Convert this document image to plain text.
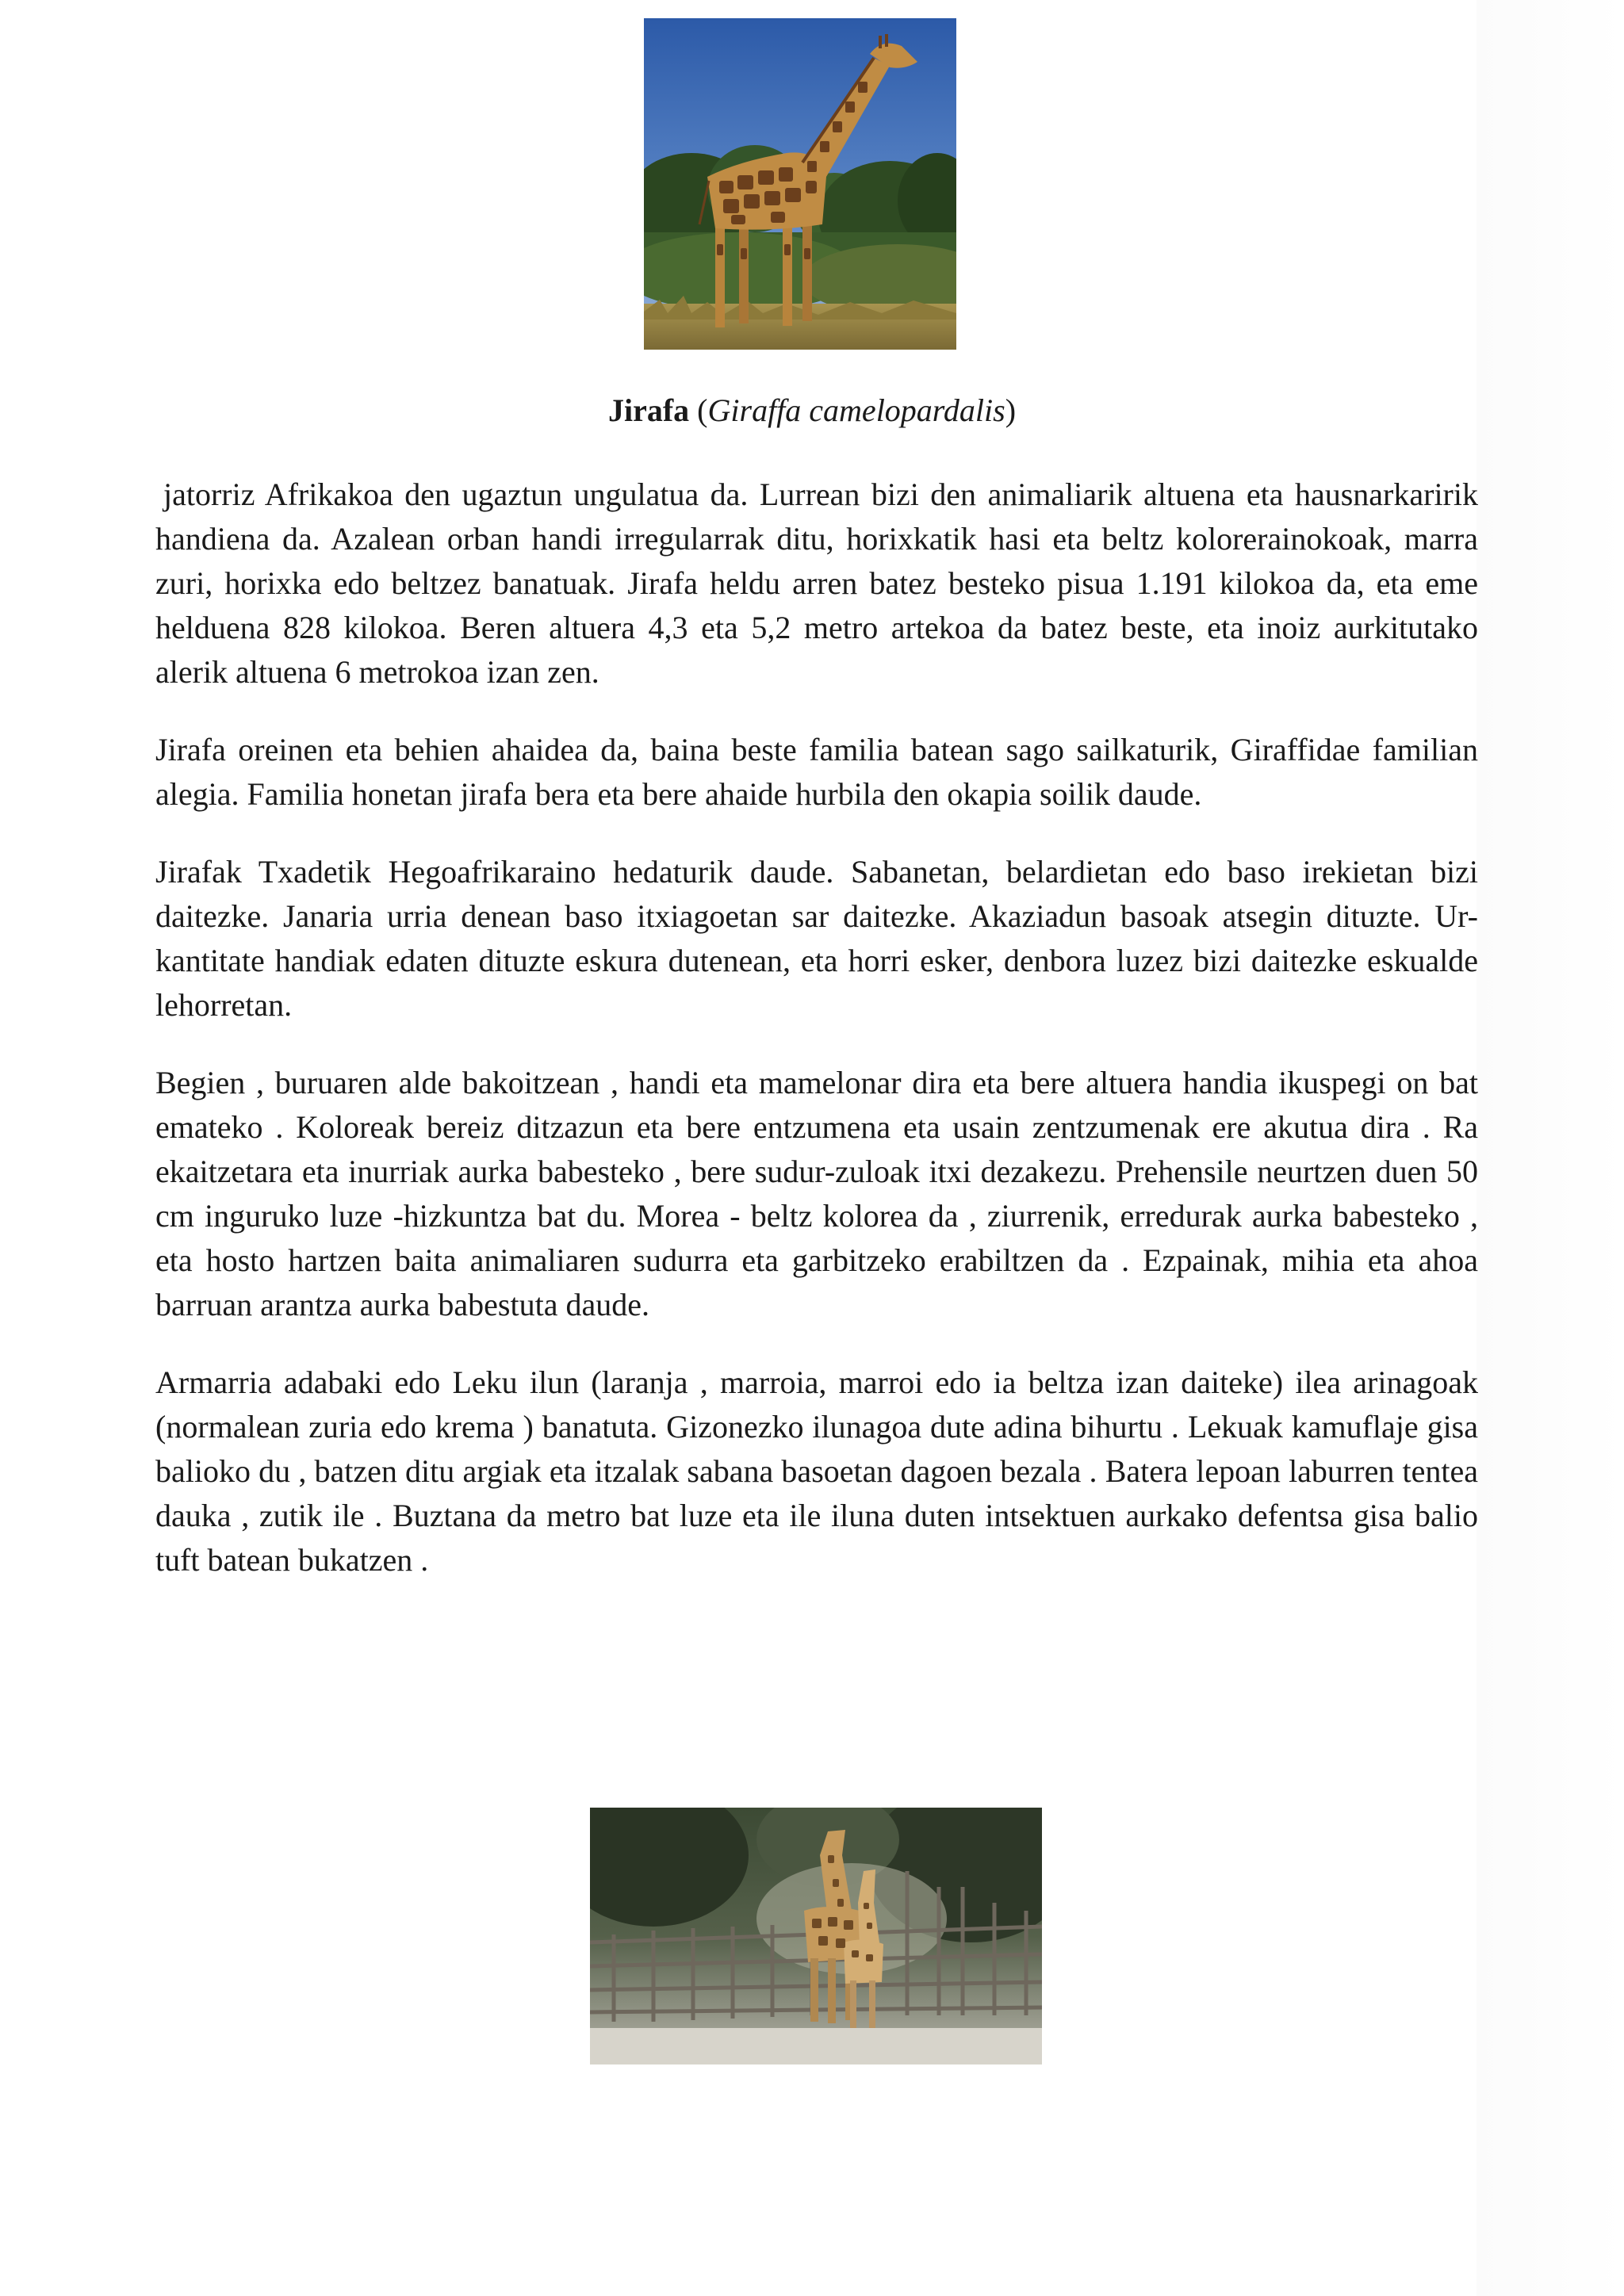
Jirafa (Giraffa camelopardalis)

jatorriz Afrikakoa den ugaztun ungulatua da. Lurrean bizi den animaliarik altuena eta hausnarkaririk handiena da. Azalean orban handi irregularrak ditu, horixkatik hasi eta beltz kolorerainokoak, marra zuri, horixka edo beltzez banatuak. Jirafa heldu arren batez besteko pisua 1.191 kilokoa da, eta eme helduena 828 kilokoa. Beren altuera 4,3 eta 5,2 metro artekoa da batez beste, eta inoiz aurkitutako alerik altuena 6 metrokoa izan zen.

Jirafa oreinen eta behien ahaidea da, baina beste familia batean sago sailkaturik, Giraffidae familian alegia. Familia honetan jirafa bera eta bere ahaide hurbila den okapia soilik daude.

Jirafak Txadetik Hegoafrikaraino hedaturik daude. Sabanetan, belardietan edo baso irekietan bizi daitezke. Janaria urria denean baso itxiagoetan sar daitezke. Akaziadun basoak atsegin dituzte. Ur-kantitate handiak edaten dituzte eskura dutenean, eta horri esker, denbora luzez bizi daitezke eskualde lehorretan.

Begien , buruaren alde bakoitzean , handi eta mamelonar dira eta bere altuera handia ikuspegi on bat emateko . Koloreak bereiz ditzazun eta bere entzumena eta usain zentzumenak ere akutua dira . Ra ekaitzetara eta inurriak aurka babesteko , bere sudur-zuloak itxi dezakezu. Prehensile neurtzen duen 50 cm inguruko luze -hizkuntza bat du. Morea - beltz kolorea da , ziurrenik, erredurak aurka babesteko , eta hosto hartzen baita animaliaren sudurra eta garbitzeko erabiltzen da . Ezpainak, mihia eta ahoa barruan arantza aurka babestuta daude.

Armarria adabaki edo Leku ilun (laranja , marroia, marroi edo ia beltza izan daiteke) ilea arinagoak (normalean zuria edo krema ) banatuta. Gizonezko ilunagoa dute adina bihurtu . Lekuak kamuflaje gisa balioko du , batzen ditu argiak eta itzalak sabana basoetan dagoen bezala . Batera lepoan laburren tentea dauka , zutik ile . Buztana da metro bat luze eta ile iluna duten intsektuen aurkako defentsa gisa balio tuft batean bukatzen .
